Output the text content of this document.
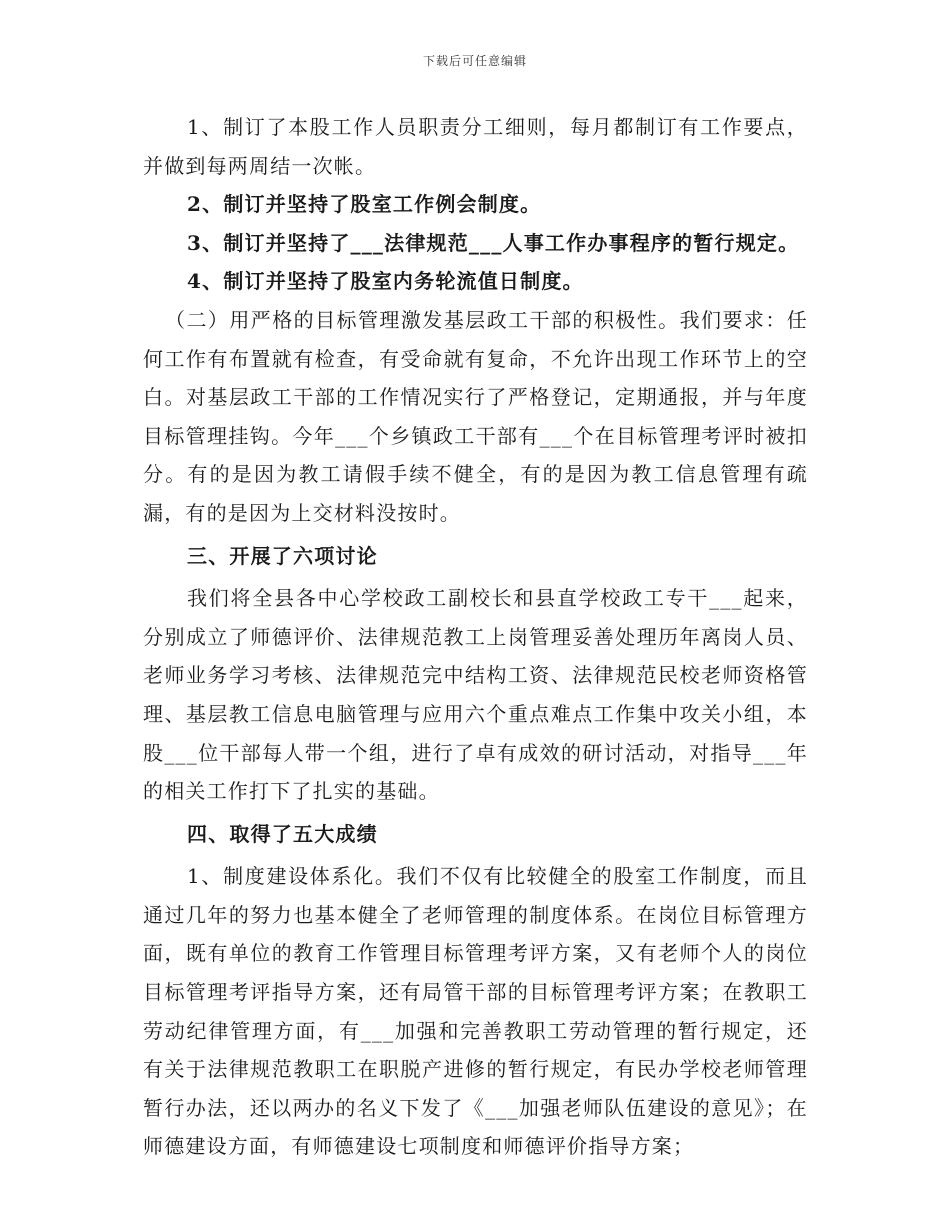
下载后可任意编辑

1、制订了本股工作人员职责分工细则，每月都制订有工作要点，并做到每两周结一次帐。

2、制订并坚持了股室工作例会制度。

3、制订并坚持了___法律规范___人事工作办事程序的暂行规定。

4、制订并坚持了股室内务轮流值日制度。

（二）用严格的目标管理激发基层政工干部的积极性。我们要求：任何工作有布置就有检查，有受命就有复命，不允许出现工作环节上的空白。对基层政工干部的工作情况实行了严格登记，定期通报，并与年度目标管理挂钩。今年___个乡镇政工干部有___个在目标管理考评时被扣分。有的是因为教工请假手续不健全，有的是因为教工信息管理有疏漏，有的是因为上交材料没按时。

三、开展了六项讨论

我们将全县各中心学校政工副校长和县直学校政工专干___起来，分别成立了师德评价、法律规范教工上岗管理妥善处理历年离岗人员、老师业务学习考核、法律规范完中结构工资、法律规范民校老师资格管理、基层教工信息电脑管理与应用六个重点难点工作集中攻关小组，本股___位干部每人带一个组，进行了卓有成效的研讨活动，对指导___年的相关工作打下了扎实的基础。

四、取得了五大成绩

1、制度建设体系化。我们不仅有比较健全的股室工作制度，而且通过几年的努力也基本健全了老师管理的制度体系。在岗位目标管理方面，既有单位的教育工作管理目标管理考评方案，又有老师个人的岗位目标管理考评指导方案，还有局管干部的目标管理考评方案；在教职工劳动纪律管理方面，有___加强和完善教职工劳动管理的暂行规定，还有关于法律规范教职工在职脱产进修的暂行规定，有民办学校老师管理暂行办法，还以两办的名义下发了《___加强老师队伍建设的意见》；在师德建设方面，有师德建设七项制度和师德评价指导方案；
